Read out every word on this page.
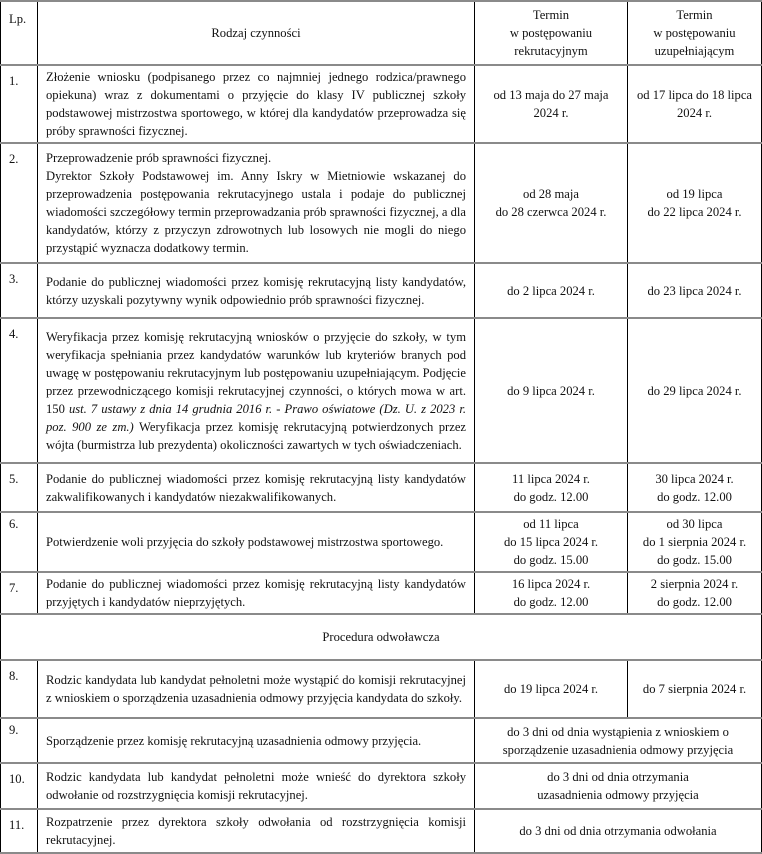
Lp.	Rodzaj czynności	Termin
w postępowaniu
rekrutacyjnym	Termin
w postępowaniu
uzupełniającym

1.	Złożenie wniosku (podpisanego przez co najmniej jednego rodzica/prawnego opiekuna) wraz z dokumentami o przyjęcie do klasy IV publicznej szkoły podstawowej mistrzostwa sportowego, w której dla kandydatów przeprowadza się próby sprawności fizycznej.	od 13 maja do 27 maja
2024 r.	od 17 lipca do 18 lipca
2024 r.

2.	Przeprowadzenie prób sprawności fizycznej.
Dyrektor Szkoły Podstawowej im. Anny Iskry w Mietniowie wskazanej do przeprowadzenia postępowania rekrutacyjnego ustala i podaje do publicznej wiadomości szczegółowy termin przeprowadzania prób sprawności fizycznej, a dla kandydatów, którzy z przyczyn zdrowotnych lub losowych nie mogli do niego przystąpić wyznacza dodatkowy termin.	od 28 maja
do 28 czerwca 2024 r.	od 19 lipca
do 22 lipca 2024 r.

3.	Podanie do publicznej wiadomości przez komisję rekrutacyjną listy kandydatów, którzy uzyskali pozytywny wynik odpowiednio prób sprawności fizycznej.	do 2 lipca 2024 r.	do 23 lipca 2024 r.
4.	Weryfikacja przez komisję rekrutacyjną wniosków o przyjęcie do szkoły, w tym weryfikacja spełniania przez kandydatów warunków lub kryteriów branych pod uwagę w postępowaniu rekrutacyjnym lub postępowaniu uzupełniającym. Podjęcie przez przewodniczącego komisji rekrutacyjnej czynności, o których mowa w art. 150 ust. 7 ustawy z dnia 14 grudnia 2016 r. - Prawo oświatowe (Dz. U. z 2023 r. poz. 900 ze zm.) Weryfikacja przez komisję rekrutacyjną potwierdzonych przez wójta (burmistrza lub prezydenta) okoliczności zawartych w tych oświadczeniach.	do 9 lipca 2024 r.	do 29 lipca 2024 r.
5.	Podanie do publicznej wiadomości przez komisję rekrutacyjną listy kandydatów zakwalifikowanych i kandydatów niezakwalifikowanych.	11 lipca 2024 r.
do godz. 12.00	30 lipca 2024 r.
do godz. 12.00

6.	Potwierdzenie woli przyjęcia do szkoły podstawowej mistrzostwa sportowego.	od 11 lipca
do 15 lipca 2024 r.
do godz. 15.00	od 30 lipca
do 1 sierpnia 2024 r.
do godz. 15.00

7.	Podanie do publicznej wiadomości przez komisję rekrutacyjną listy kandydatów przyjętych i kandydatów nieprzyjętych.	16 lipca 2024 r.
do godz. 12.00	2 sierpnia 2024 r.
do godz. 12.00

Procedura odwoławcza			
8.	Rodzic kandydata lub kandydat pełnoletni może wystąpić do komisji rekrutacyjnej z wnioskiem o sporządzenia uzasadnienia odmowy przyjęcia kandydata do szkoły.	do 19 lipca 2024 r.	do 7 sierpnia 2024 r.
9.	Sporządzenie przez komisję rekrutacyjną uzasadnienia odmowy przyjęcia.	do 3 dni od dnia wystąpienia z wnioskiem o
sporządzenie uzasadnienia odmowy przyjęcia	

10.	Rodzic kandydata lub kandydat pełnoletni może wnieść do dyrektora szkoły odwołanie od rozstrzygnięcia komisji rekrutacyjnej.	do 3 dni od dnia otrzymania
uzasadnienia odmowy przyjęcia	

11.	Rozpatrzenie przez dyrektora szkoły odwołania od rozstrzygnięcia komisji rekrutacyjnej.	do 3 dni od dnia otrzymania odwołania	
